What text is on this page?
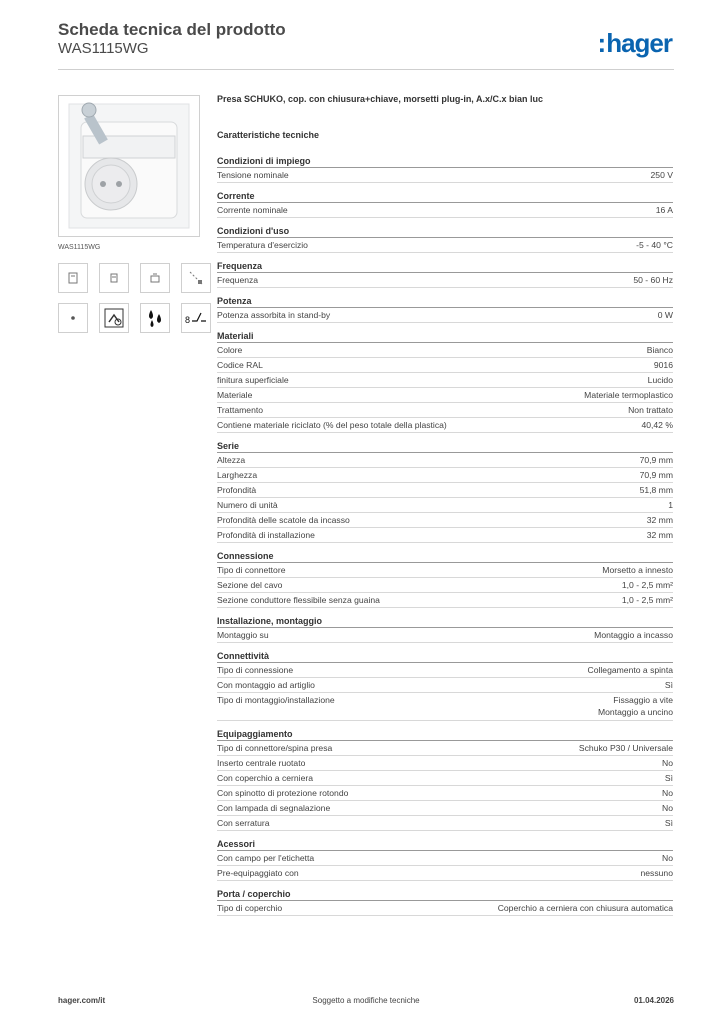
Scheda tecnica del prodotto
WAS1115WG	:hager
WAS1115WG
8
Presa SCHUKO, cop. con chiusura+chiave, morsetti plug-in, A.x/C.x bian luc
Caratteristiche tecniche
Condizioni di impiego
Tensione nominale	250 V
Corrente
Corrente nominale	16 A
Condizioni d'uso
Temperatura d'esercizio	-5 - 40 °C
Frequenza
Frequenza	50 - 60 Hz
Potenza
Potenza assorbita in stand-by	0 W
Materiali
Colore	Bianco
Codice RAL	9016
finitura superficiale	Lucido
Materiale	Materiale termoplastico
Trattamento	Non trattato
Contiene materiale riciclato (% del peso totale della plastica)	40,42 %
Serie
Altezza	70,9 mm
Larghezza	70,9 mm
Profondità	51,8 mm
Numero di unità	1
Profondità delle scatole da incasso	32 mm
Profondità di installazione	32 mm
Connessione
Tipo di connettore	Morsetto a innesto
Sezione del cavo	1,0 - 2,5 mm²
Sezione conduttore flessibile senza guaina	1,0 - 2,5 mm²
Installazione, montaggio
Montaggio su	Montaggio a incasso
Connettività
Tipo di connessione	Collegamento a spinta
Con montaggio ad artiglio	Sì
Tipo di montaggio/installazione	Fissaggio a vite
Montaggio a uncino
Equipaggiamento
Tipo di connettore/spina presa	Schuko P30 / Universale
Inserto centrale ruotato	No
Con coperchio a cerniera	Sì
Con spinotto di protezione rotondo	No
Con lampada di segnalazione	No
Con serratura	Sì
Acessori
Con campo per l'etichetta	No
Pre-equipaggiato con	nessuno
Porta / coperchio
Tipo di coperchio	Coperchio a cerniera con chiusura automatica
hager.com/it	Soggetto a modifiche tecniche	01.04.2026
